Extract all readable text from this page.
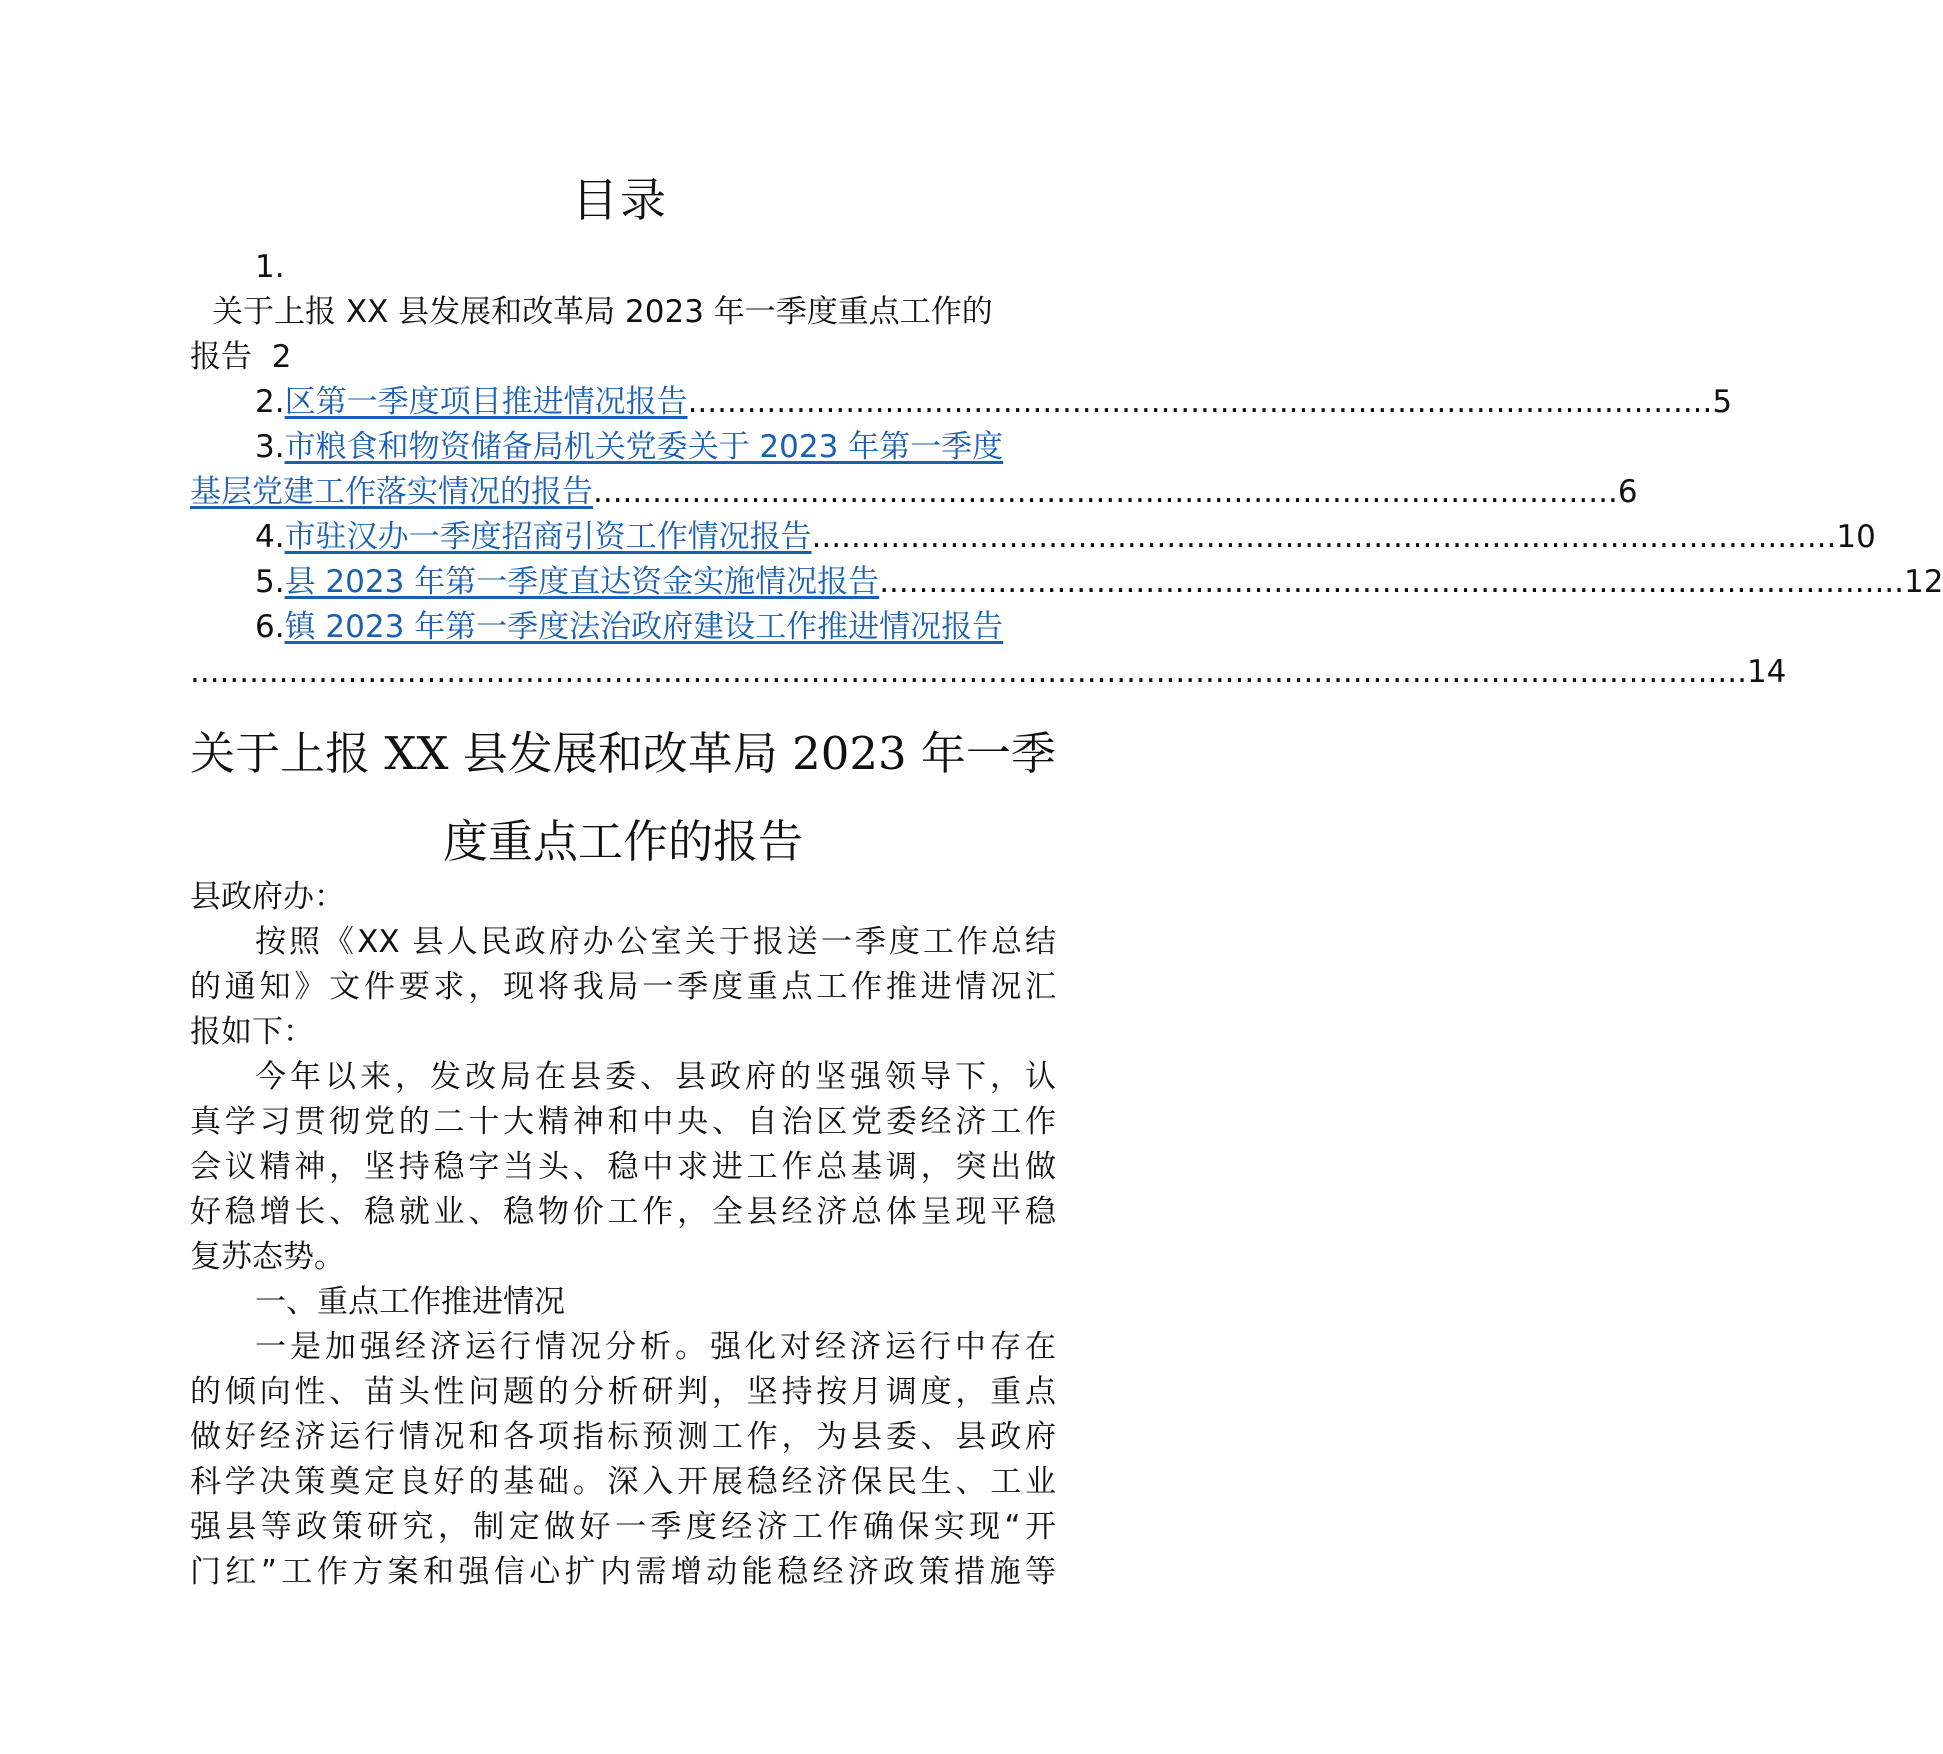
目录
1.
关于上报 XX 县发展和改革局 2023 年一季度重点工作的
报告 2
2. 区第一季度项目推进情况报告 ........................................................................................................ 5
3.市粮食和物资储备局机关党委关于 2023 年第一季度
基层党建工作落实情况的报告 ........................................................................................................ 6
4. 市驻汉办一季度招商引资工作情况报告 ........................................................................................................ 10
5. 县 2023 年第一季度直达资金实施情况报告 ........................................................................................................ 12
6.镇 2023 年第一季度法治政府建设工作推进情况报告
.............................................................................................................................................................. 14
关于上报 XX 县发展和改革局 2023 年一季
度重点工作的报告
县政府办：
按照《XX 县人民政府办公室关于报送一季度工作总结
的通知》文件要求，现将我局一季度重点工作推进情况汇
报如下：
今年以来，发改局在县委、县政府的坚强领导下，认
真学习贯彻党的二十大精神和中央、自治区党委经济工作
会议精神，坚持稳字当头、稳中求进工作总基调，突出做
好稳增长、稳就业、稳物价工作，全县经济总体呈现平稳
复苏态势。
一、重点工作推进情况
一是加强经济运行情况分析。强化对经济运行中存在
的倾向性、苗头性问题的分析研判，坚持按月调度，重点
做好经济运行情况和各项指标预测工作，为县委、县政府
科学决策奠定良好的基础。深入开展稳经济保民生、工业
强县等政策研究，制定做好一季度经济工作确保实现“开
门红”工作方案和强信心扩内需增动能稳经济政策措施等
